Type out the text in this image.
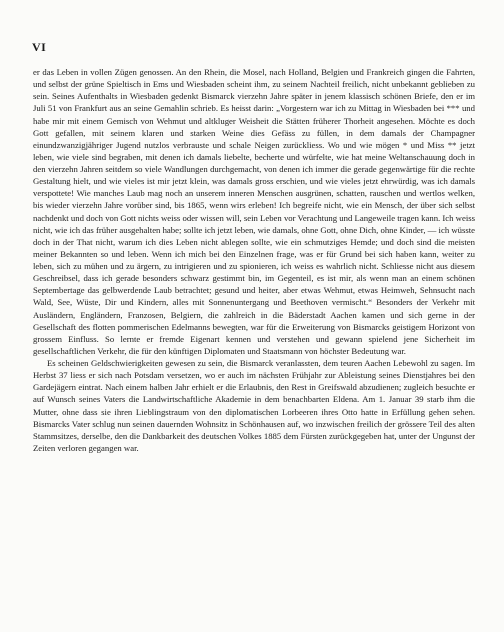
VI

er das Leben in vollen Zügen genossen. An den Rhein, die Mosel, nach Holland, Belgien und Frankreich gingen die Fahrten, und selbst der grüne Spieltisch in Ems und Wiesbaden scheint ihm, zu seinem Nachteil freilich, nicht unbekannt geblieben zu sein. Seines Aufenthalts in Wiesbaden gedenkt Bismarck vierzehn Jahre später in jenem klassisch schönen Briefe, den er im Juli 51 von Frankfurt aus an seine Gemahlin schrieb. Es heisst darin: „Vorgestern war ich zu Mittag in Wiesbaden bei *** und habe mir mit einem Gemisch von Wehmut und altkluger Weisheit die Stätten früherer Thorheit angesehen. Möchte es doch Gott gefallen, mit seinem klaren und starken Weine dies Gefäss zu füllen, in dem damals der Champagner einundzwanzigjähriger Jugend nutzlos verbrauste und schale Neigen zurückliess. Wo und wie mögen * und Miss ** jetzt leben, wie viele sind begraben, mit denen ich damals liebelte, becherte und würfelte, wie hat meine Weltanschauung doch in den vierzehn Jahren seitdem so viele Wandlungen durchgemacht, von denen ich immer die gerade gegenwärtige für die rechte Gestaltung hielt, und wie vieles ist mir jetzt klein, was damals gross erschien, und wie vieles jetzt ehrwürdig, was ich damals verspottete! Wie manches Laub mag noch an unserem inneren Menschen ausgrünen, schatten, rauschen und wertlos welken, bis wieder vierzehn Jahre vorüber sind, bis 1865, wenn wirs erleben! Ich begreife nicht, wie ein Mensch, der über sich selbst nachdenkt und doch von Gott nichts weiss oder wissen will, sein Leben vor Verachtung und Langeweile tragen kann. Ich weiss nicht, wie ich das früher ausgehalten habe; sollte ich jetzt leben, wie damals, ohne Gott, ohne Dich, ohne Kinder, — ich wüsste doch in der That nicht, warum ich dies Leben nicht ablegen sollte, wie ein schmutziges Hemde; und doch sind die meisten meiner Bekannten so und leben. Wenn ich mich bei den Einzelnen frage, was er für Grund bei sich haben kann, weiter zu leben, sich zu mühen und zu ärgern, zu intrigieren und zu spionieren, ich weiss es wahrlich nicht. Schliesse nicht aus diesem Geschreibsel, dass ich gerade besonders schwarz gestimmt bin, im Gegenteil, es ist mir, als wenn man an einem schönen Septembertage das gelbwerdende Laub betrachtet; gesund und heiter, aber etwas Wehmut, etwas Heimweh, Sehnsucht nach Wald, See, Wüste, Dir und Kindern, alles mit Sonnenuntergang und Beethoven vermischt.“ Besonders der Verkehr mit Ausländern, Engländern, Franzosen, Belgiern, die zahlreich in die Bäderstadt Aachen kamen und sich gerne in der Gesellschaft des flotten pommerischen Edelmanns bewegten, war für die Erweiterung von Bismarcks geistigem Horizont von grossem Einfluss. So lernte er fremde Eigenart kennen und verstehen und gewann spielend jene Sicherheit im gesellschaftlichen Verkehr, die für den künftigen Diplomaten und Staatsmann von höchster Bedeutung war.

Es scheinen Geldschwierigkeiten gewesen zu sein, die Bismarck veranlassten, dem teuren Aachen Lebewohl zu sagen. Im Herbst 37 liess er sich nach Potsdam versetzen, wo er auch im nächsten Frühjahr zur Ableistung seines Dienstjahres bei den Gardejägern eintrat. Nach einem halben Jahr erhielt er die Erlaubnis, den Rest in Greifswald abzudienen; zugleich besuchte er auf Wunsch seines Vaters die Landwirtschaftliche Akademie in dem benachbarten Eldena. Am 1. Januar 39 starb ihm die Mutter, ohne dass sie ihren Lieblingstraum von den diplomatischen Lorbeeren ihres Otto hatte in Erfüllung gehen sehen. Bismarcks Vater schlug nun seinen dauernden Wohnsitz in Schönhausen auf, wo inzwischen freilich der grössere Teil des alten Stammsitzes, derselbe, den die Dankbarkeit des deutschen Volkes 1885 dem Fürsten zurückgegeben hat, unter der Ungunst der Zeiten verloren gegangen war.
